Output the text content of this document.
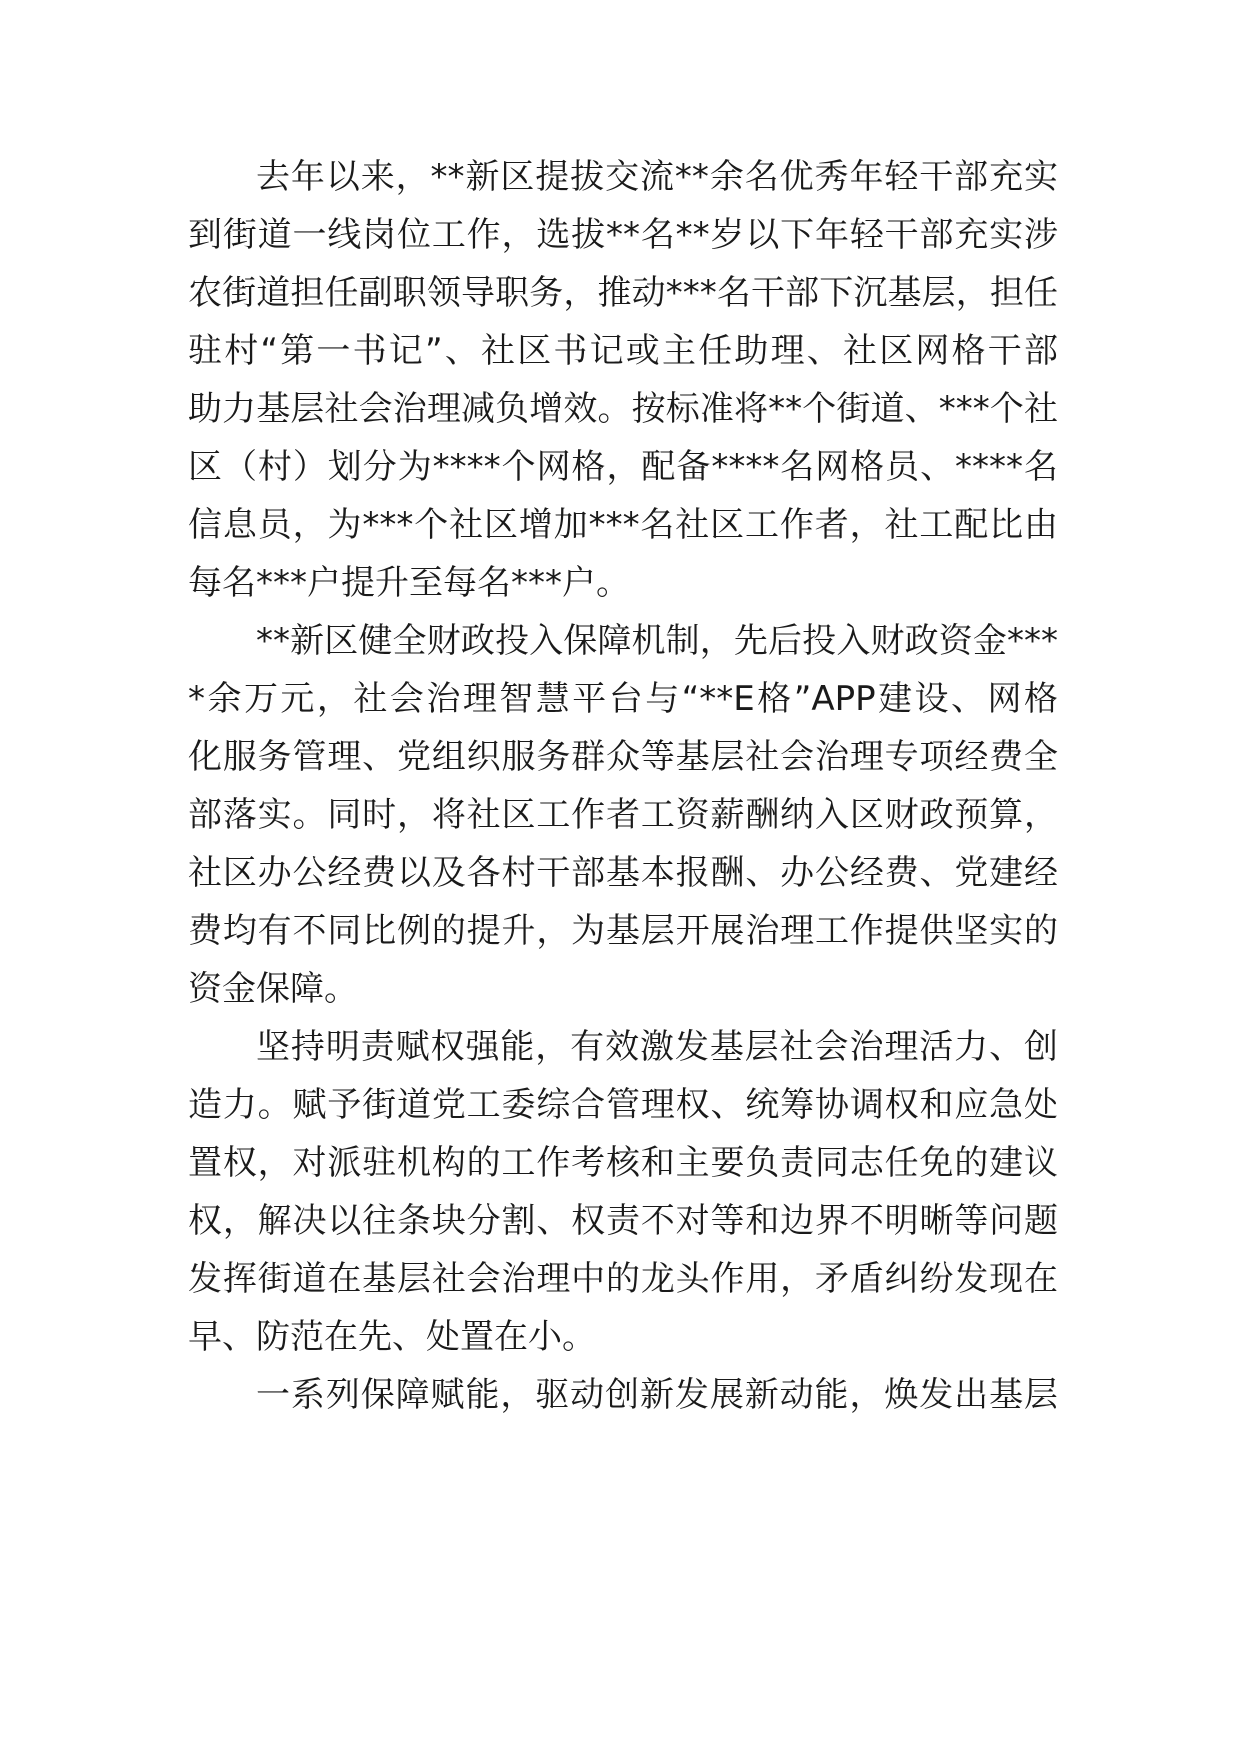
去年以来，**新区提拔交流**余名优秀年轻干部充实

到街道一线岗位工作，选拔**名**岁以下年轻干部充实涉

农街道担任副职领导职务，推动***名干部下沉基层，担任

驻村“第一书记”、社区书记或主任助理、社区网格干部

助力基层社会治理减负增效。按标准将**个街道、***个社

区（村）划分为****个网格，配备****名网格员、****名

信息员，为***个社区增加***名社区工作者，社工配比由

每名***户提升至每名***户。

**新区健全财政投入保障机制，先后投入财政资金***

*余万元，社会治理智慧平台与“**E格”APP建设、网格

化服务管理、党组织服务群众等基层社会治理专项经费全

部落实。同时，将社区工作者工资薪酬纳入区财政预算，

社区办公经费以及各村干部基本报酬、办公经费、党建经

费均有不同比例的提升，为基层开展治理工作提供坚实的

资金保障。

坚持明责赋权强能，有效激发基层社会治理活力、创

造力。赋予街道党工委综合管理权、统筹协调权和应急处

置权，对派驻机构的工作考核和主要负责同志任免的建议

权，解决以往条块分割、权责不对等和边界不明晰等问题

发挥街道在基层社会治理中的龙头作用，矛盾纠纷发现在

早、防范在先、处置在小。

一系列保障赋能，驱动创新发展新动能，焕发出基层
